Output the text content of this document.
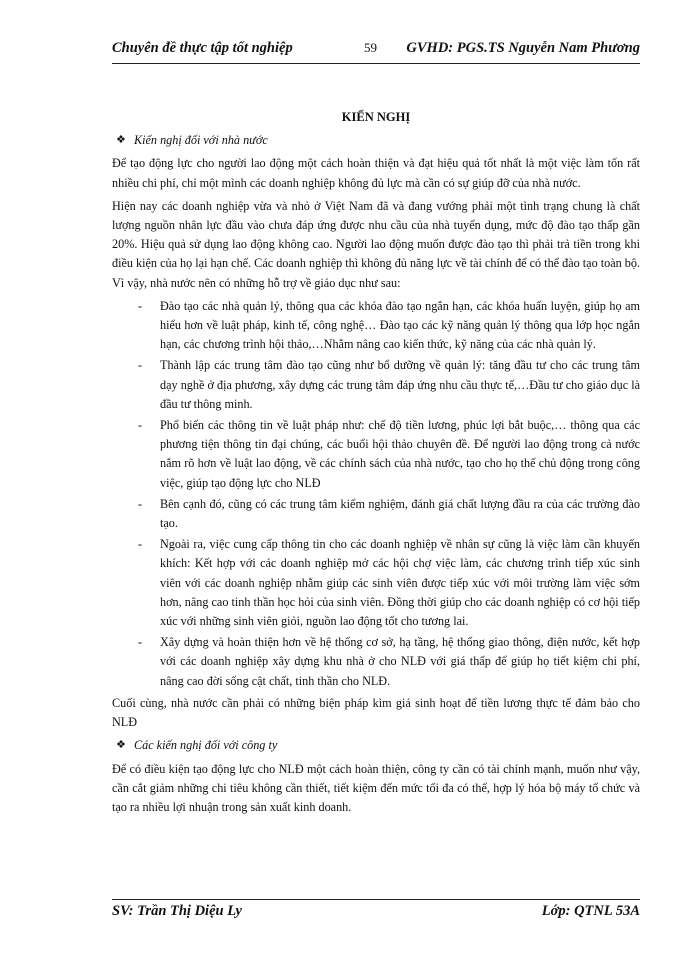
Chuyên đề thực tập tốt nghiệp	59 GVHD: PGS.TS Nguyễn Nam Phương
KIẾN NGHỊ
❖ Kiến nghị đối với nhà nước

Để tạo động lực cho người lao động một cách hoàn thiện và đạt hiệu quả tốt nhất là một việc làm tốn rất nhiều chi phí, chỉ một mình các doanh nghiệp không đủ lực mà cần có sự giúp đỡ của nhà nước.

Hiện nay các doanh nghiệp vừa và nhỏ ở Việt Nam đã và đang vướng phải một tình trạng chung là chất lượng nguồn nhân lực đầu vào chưa đáp ứng được nhu cầu của nhà tuyển dụng, mức độ đào tạo thấp gần 20%. Hiệu quả sử dụng lao động không cao. Người lao động muốn được đào tạo thì phải trả tiền trong khi điều kiện của họ lại hạn chế. Các doanh nghiệp thì không đủ năng lực về tài chính để có thể đào tạo toàn bộ. Vì vậy, nhà nước nên có những hỗ trợ về giáo dục như sau:

- Đào tạo các nhà quản lý, thông qua các khóa đào tạo ngắn hạn, các khóa huấn luyện, giúp họ am hiểu hơn về luật pháp, kinh tế, công nghệ… Đào tạo các kỹ năng quản lý thông qua lớp học ngắn hạn, các chương trình hội thảo,…Nhằm nâng cao kiến thức, kỹ năng của các nhà quản lý.
- Thành lập các trung tâm đào tạo cũng như bổ dưỡng về quản lý: tăng đầu tư cho các trung tâm dạy nghề ở địa phương, xây dựng các trung tâm đáp ứng nhu cầu thực tế,…Đầu tư cho giáo dục là đầu tư thông minh.
- Phổ biến các thông tin về luật pháp như: chế độ tiền lương, phúc lợi bắt buộc,… thông qua các phương tiện thông tin đại chúng, các buổi hội thảo chuyên đề. Để người lao động trong cả nước nắm rõ hơn về luật lao động, về các chính sách của nhà nước, tạo cho họ thế chủ động trong công việc, giúp tạo động lực cho NLĐ
- Bên cạnh đó, cũng có các trung tâm kiểm nghiệm, đánh giá chất lượng đầu ra của các trường đào tạo.
- Ngoài ra, việc cung cấp thông tin cho các doanh nghiệp về nhân sự cũng là việc làm cần khuyến khích: Kết hợp với các doanh nghiệp mở các hội chợ việc làm, các chương trình tiếp xúc sinh viên với các doanh nghiệp nhằm giúp các sinh viên được tiếp xúc với môi trường làm việc sớm hơn, nâng cao tinh thần học hỏi của sinh viên. Đồng thời giúp cho các doanh nghiệp có cơ hội tiếp xúc với những sinh viên giỏi, nguồn lao động tốt cho tương lai.
- Xây dựng và hoàn thiện hơn về hệ thống cơ sở, hạ tầng, hệ thống giao thông, điện nước, kết hợp với các doanh nghiệp xây dựng khu nhà ở cho NLĐ với giá thấp để giúp họ tiết kiệm chi phí, nâng cao đời sống cật chất, tinh thần cho NLĐ.

Cuối cùng, nhà nước cần phải có những biện pháp kìm giá sinh hoạt để tiền lương thực tế đảm bảo cho NLĐ

❖ Các kiến nghị đối với công ty

Để có điều kiện tạo động lực cho NLĐ một cách hoàn thiện, công ty cần có tài chính mạnh, muốn như vậy, cần cắt giảm những chi tiêu không cần thiết, tiết kiệm đến mức tối đa có thể, hợp lý hóa bộ máy tổ chức và tạo ra nhiều lợi nhuận trong sản xuất kinh doanh.

SV: Trần Thị Diệu Ly	Lớp: QTNL 53A
